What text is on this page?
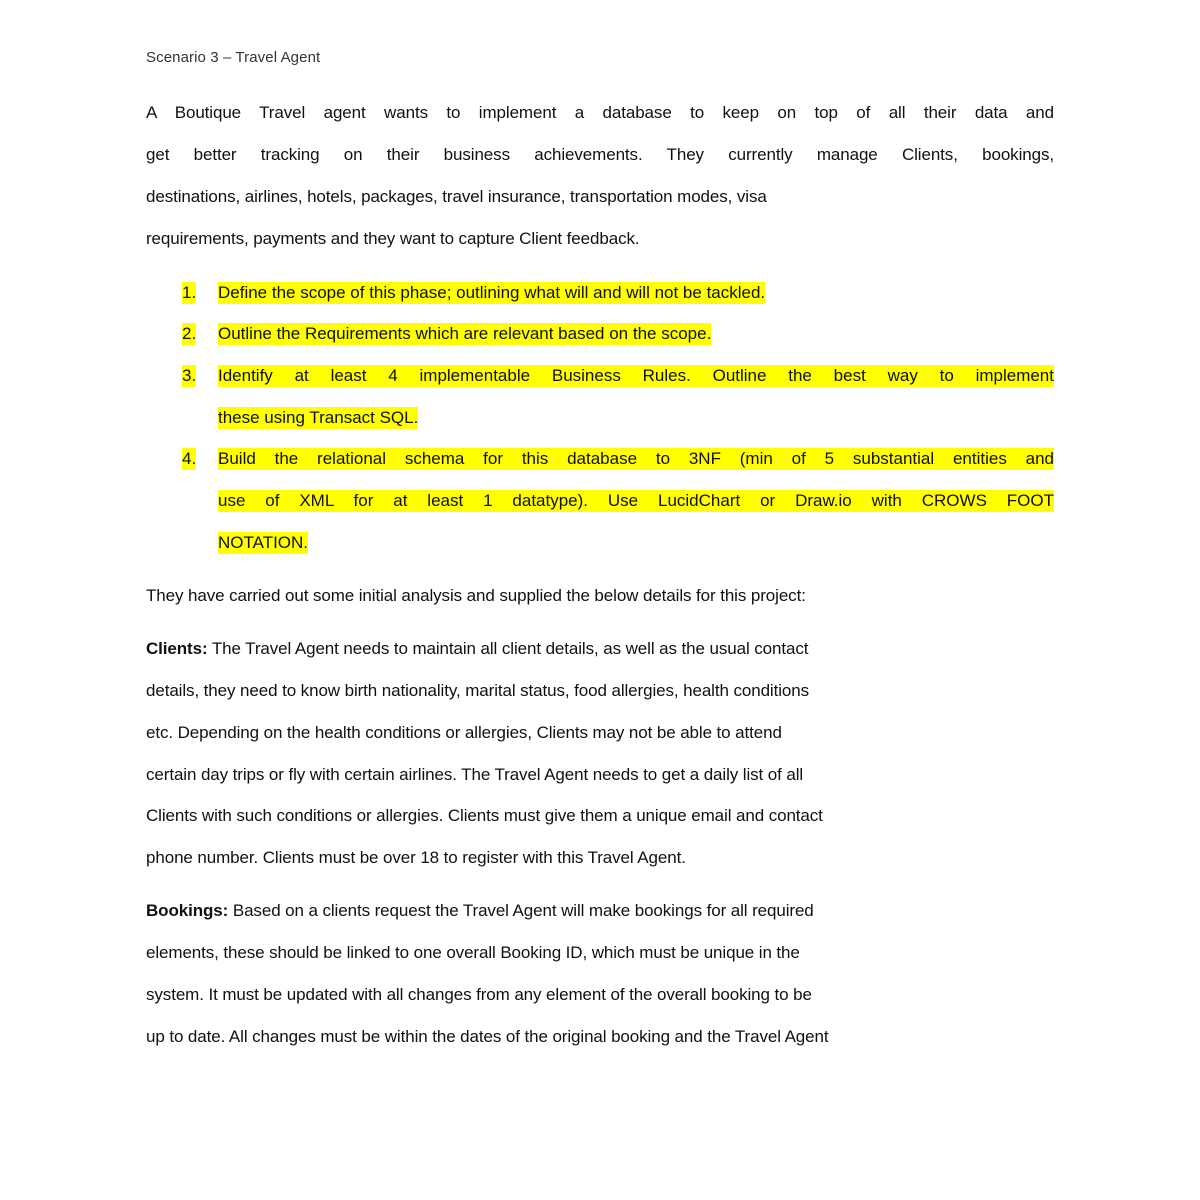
Scenario 3 – Travel Agent
A Boutique Travel agent wants to implement a database to keep on top of all their data and
get better tracking on their business achievements. They currently manage Clients, bookings,
destinations, airlines, hotels, packages, travel insurance, transportation modes, visa
requirements, payments and they want to capture Client feedback.
1. Define the scope of this phase; outlining what will and will not be tackled.
2. Outline the Requirements which are relevant based on the scope.
3. Identify at least 4 implementable Business Rules. Outline the best way to implement
these using Transact SQL.
4. Build the relational schema for this database to 3NF (min of 5 substantial entities and
use of XML for at least 1 datatype). Use LucidChart or Draw.io with CROWS FOOT
NOTATION.
They have carried out some initial analysis and supplied the below details for this project:
Clients: The Travel Agent needs to maintain all client details, as well as the usual contact
details, they need to know birth nationality, marital status, food allergies, health conditions
etc. Depending on the health conditions or allergies, Clients may not be able to attend
certain day trips or fly with certain airlines. The Travel Agent needs to get a daily list of all
Clients with such conditions or allergies. Clients must give them a unique email and contact
phone number. Clients must be over 18 to register with this Travel Agent.
Bookings: Based on a clients request the Travel Agent will make bookings for all required
elements, these should be linked to one overall Booking ID, which must be unique in the
system. It must be updated with all changes from any element of the overall booking to be
up to date. All changes must be within the dates of the original booking and the Travel Agent
